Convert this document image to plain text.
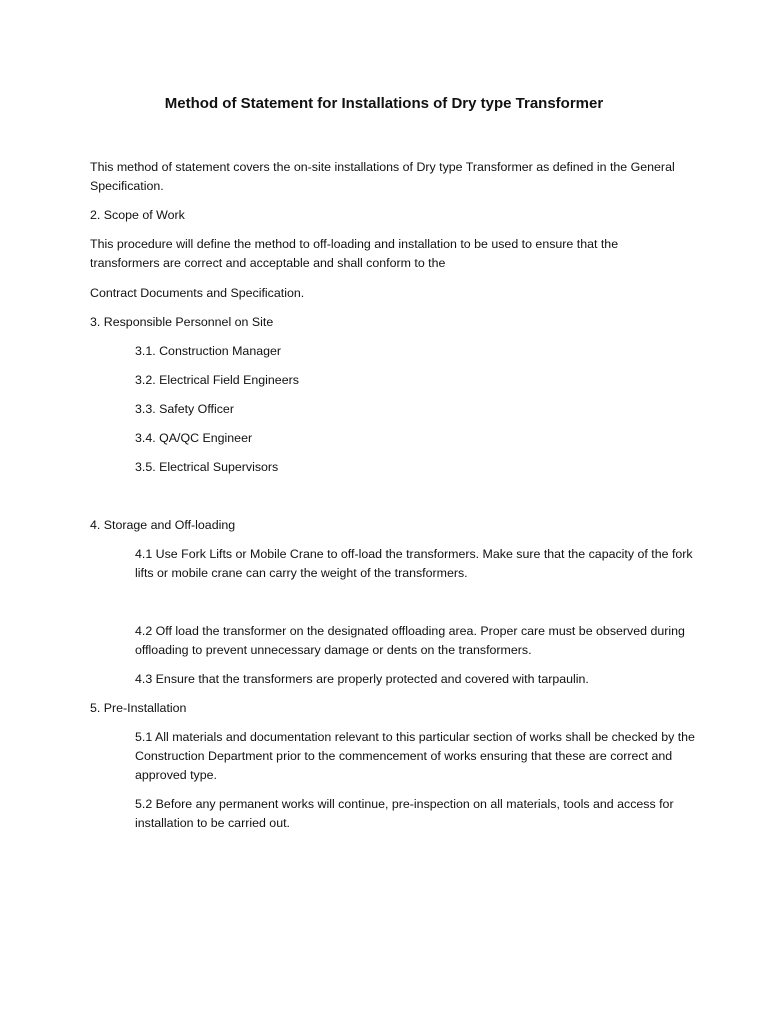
Method of Statement for Installations of Dry type Transformer

This method of statement covers the on-site installations of Dry type Transformer as defined in the General Specification.

2. Scope of Work

This procedure will define the method to off-loading and installation to be used to ensure that the transformers are correct and acceptable and shall conform to the

Contract Documents and Specification.

3. Responsible Personnel on Site

3.1. Construction Manager

3.2. Electrical Field Engineers

3.3. Safety Officer

3.4. QA/QC Engineer

3.5. Electrical Supervisors

4. Storage and Off-loading

4.1 Use Fork Lifts or Mobile Crane to off-load the transformers. Make sure that the capacity of the fork lifts or mobile crane can carry the weight of the transformers.

4.2 Off load the transformer on the designated offloading area. Proper care must be observed during offloading to prevent unnecessary damage or dents on the transformers.

4.3 Ensure that the transformers are properly protected and covered with tarpaulin.

5. Pre-Installation

5.1 All materials and documentation relevant to this particular section of works shall be checked by the Construction Department prior to the commencement of works ensuring that these are correct and approved type.

5.2 Before any permanent works will continue, pre-inspection on all materials, tools and access for installation to be carried out.
